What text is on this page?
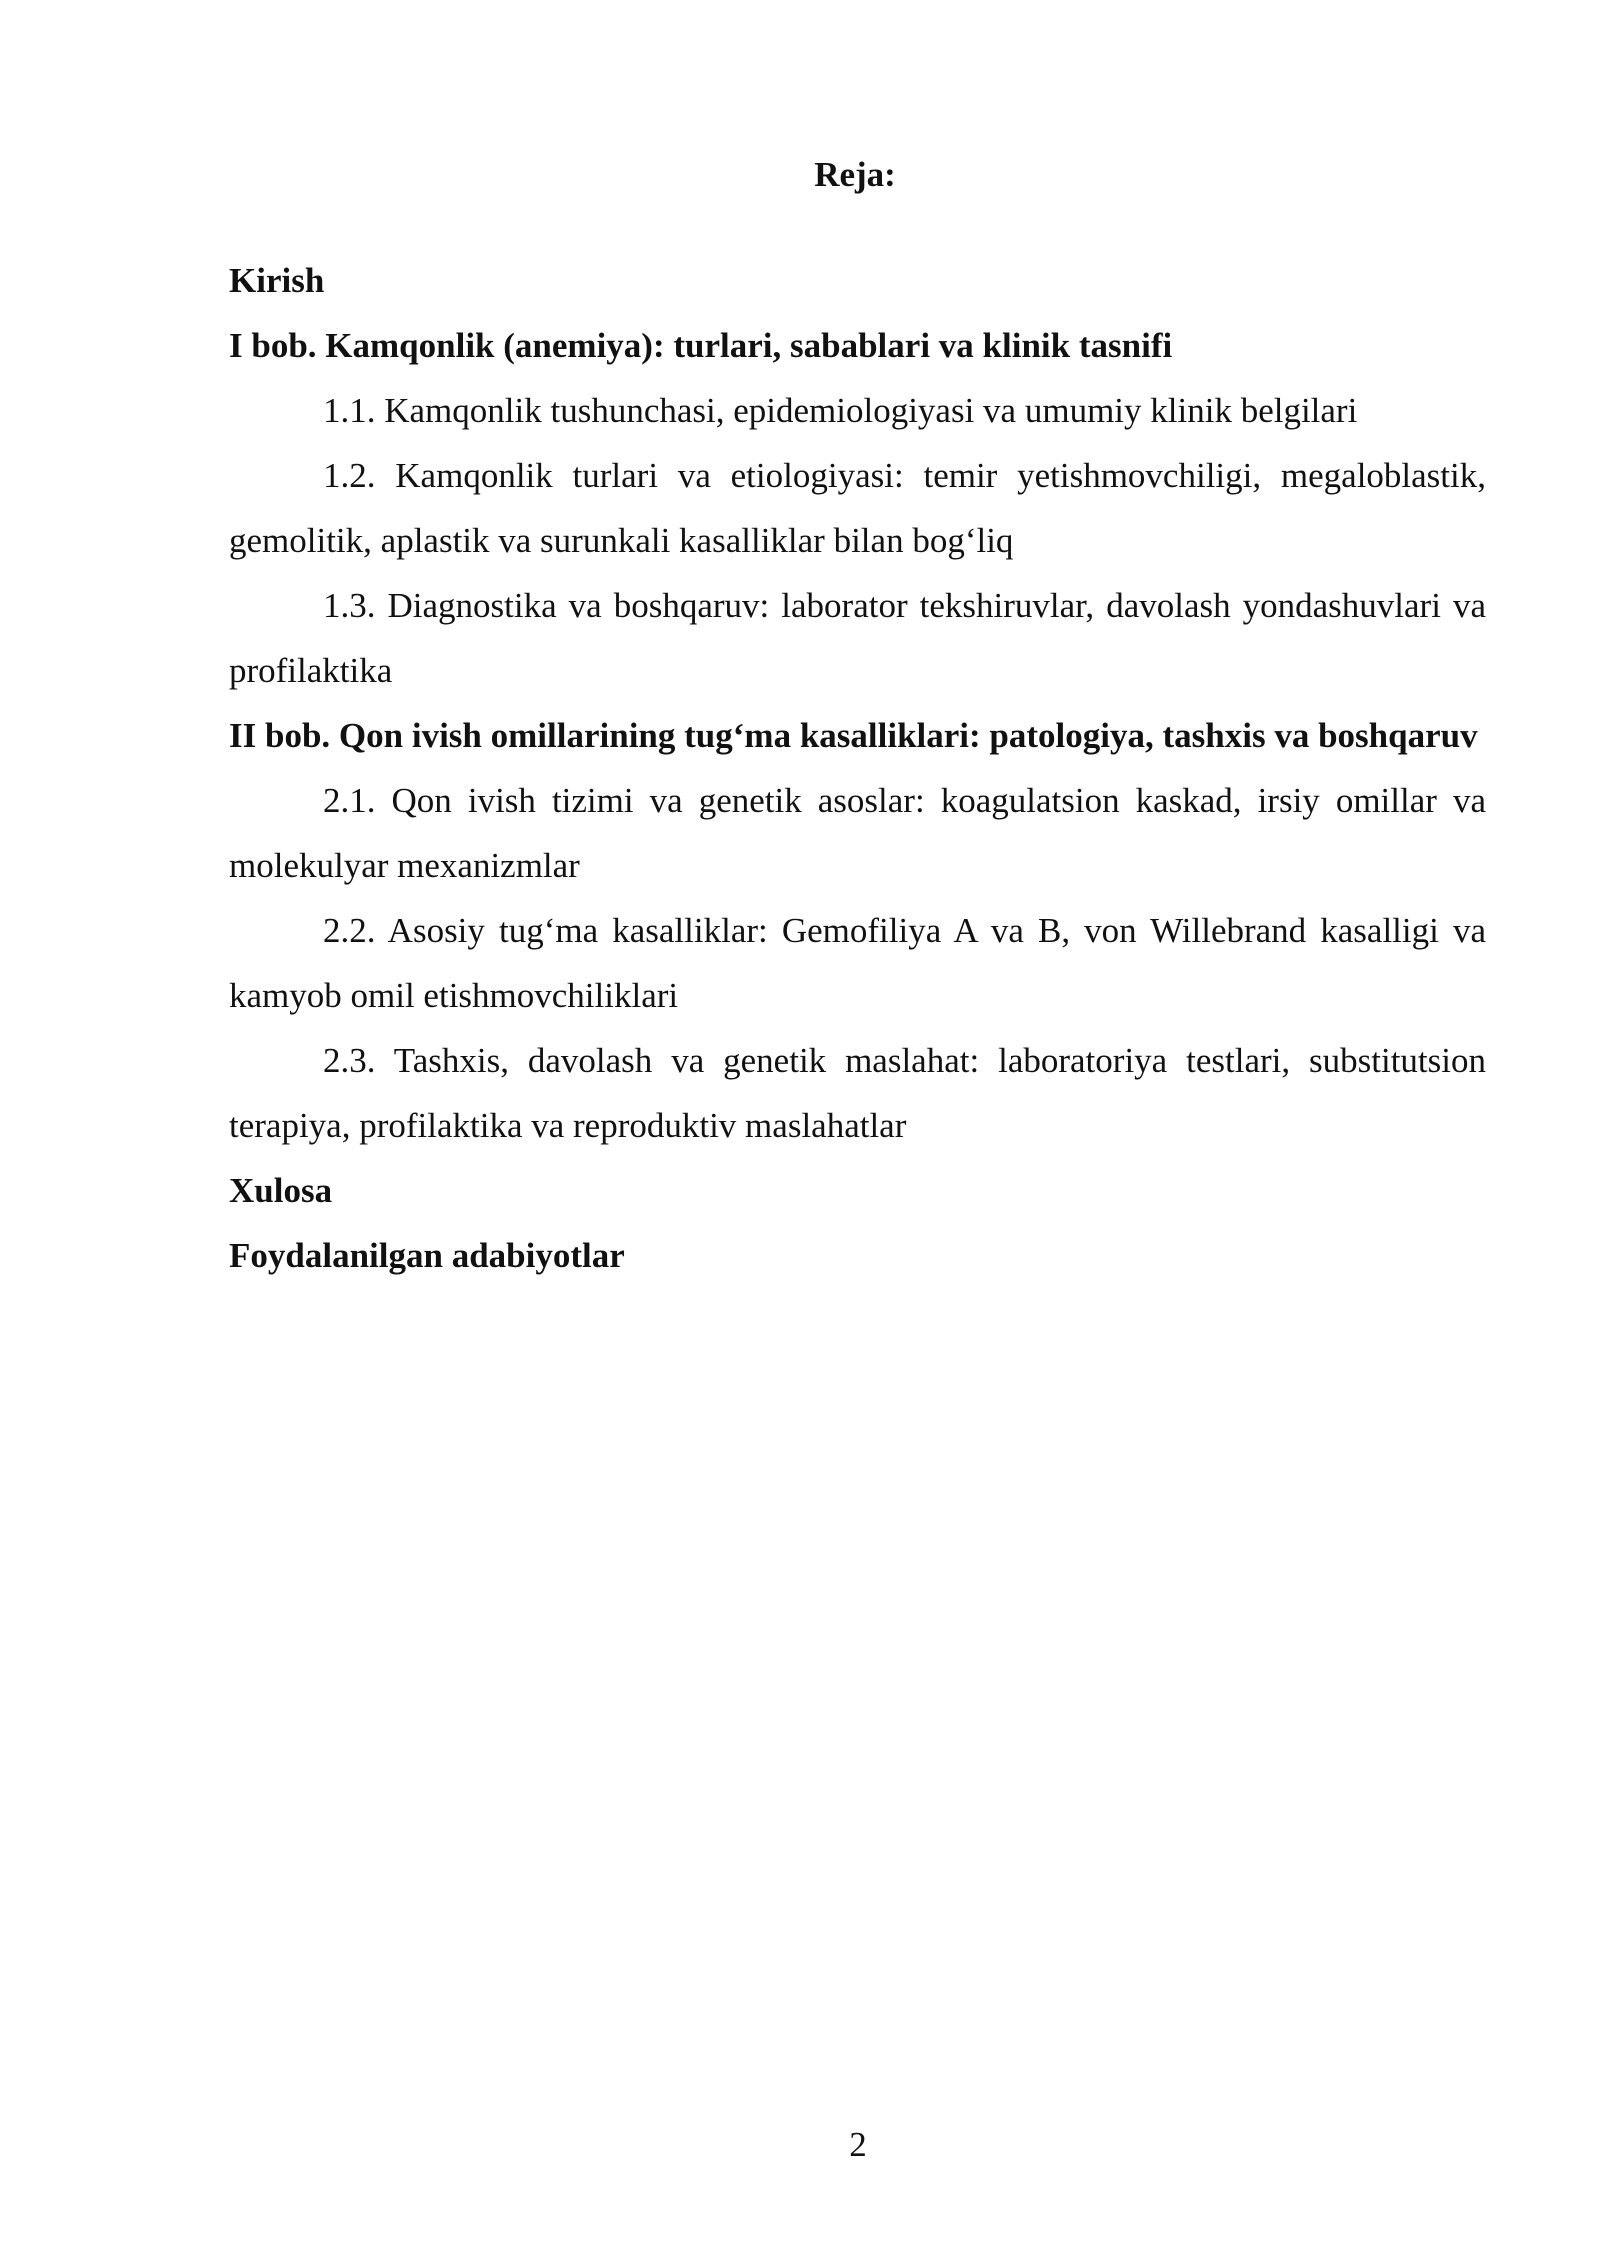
Reja:

Kirish

I bob. Kamqonlik (anemiya): turlari, sabablari va klinik tasnifi

1.1. Kamqonlik tushunchasi, epidemiologiyasi va umumiy klinik belgilari

1.2. Kamqonlik turlari va etiologiyasi: temir yetishmovchiligi, megaloblastik, gemolitik, aplastik va surunkali kasalliklar bilan bog‘liq

1.3. Diagnostika va boshqaruv: laborator tekshiruvlar, davolash yondashuvlari va profilaktika

II bob. Qon ivish omillarining tug‘ma kasalliklari: patologiya, tashxis va boshqaruv

2.1. Qon ivish tizimi va genetik asoslar: koagulatsion kaskad, irsiy omillar va molekulyar mexanizmlar

2.2. Asosiy tug‘ma kasalliklar: Gemofiliya A va B, von Willebrand kasalligi va kamyob omil etishmovchiliklari

2.3. Tashxis, davolash va genetik maslahat: laboratoriya testlari, substitutsion terapiya, profilaktika va reproduktiv maslahatlar

Xulosa

Foydalanilgan adabiyotlar

2
